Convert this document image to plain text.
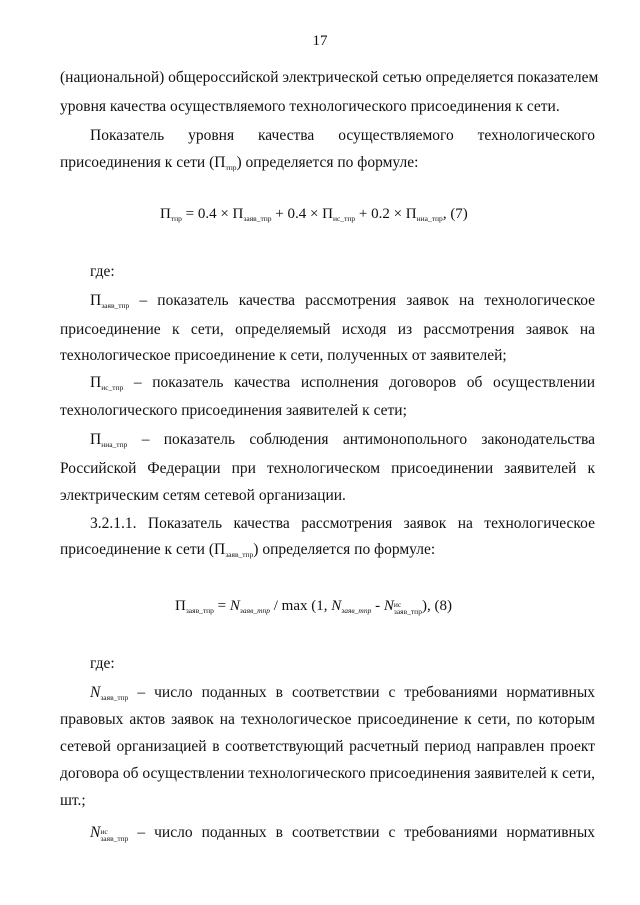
17
(национальной) общероссийской электрической сетью определяется показателем
уровня качества осуществляемого технологического присоединения к сети.
Показатель уровня качества осуществляемого технологического
присоединения к сети $(П_{тпр})$ определяется по формуле:
$П_{тпр} = 0.4 \times П_{заяв\_тпр} + 0.4 \times П_{ис\_тпр} + 0.2 \times П_{ниа\_тпр}$, (7)
где:
$П_{заяв\_тпр}$ – показатель качества рассмотрения заявок на технологическое
присоединение к сети, определяемый исходя из рассмотрения заявок на
технологическое присоединение к сети, полученных от заявителей;
$П_{ис\_тпр}$ – показатель качества исполнения договоров об осуществлении
технологического присоединения заявителей к сети;
$П_{ниа\_тпр}$ – показатель соблюдения антимонопольного законодательства
Российской Федерации при технологическом присоединении заявителей к
электрическим сетям сетевой организации.
3.2.1.1. Показатель качества рассмотрения заявок на технологическое
присоединение к сети $(П_{заяв\_тпр})$ определяется по формуле:
$П_{заяв\_тпр} = N_{заяв\_тпр} / \max (1$, $N_{заяв\_тпр}$ - N ис
заяв_тпр ), (8)
где:
$N_{заяв\_тпр}$ – число поданных в соответствии с требованиями нормативных
правовых актов заявок на технологическое присоединение к сети, по которым
сетевой организацией в соответствующий расчетный период направлен проект
договора об осуществлении технологического присоединения заявителей к сети,
шт.;
N ис
заяв_тпр – число поданных в соответствии с требованиями нормативных
